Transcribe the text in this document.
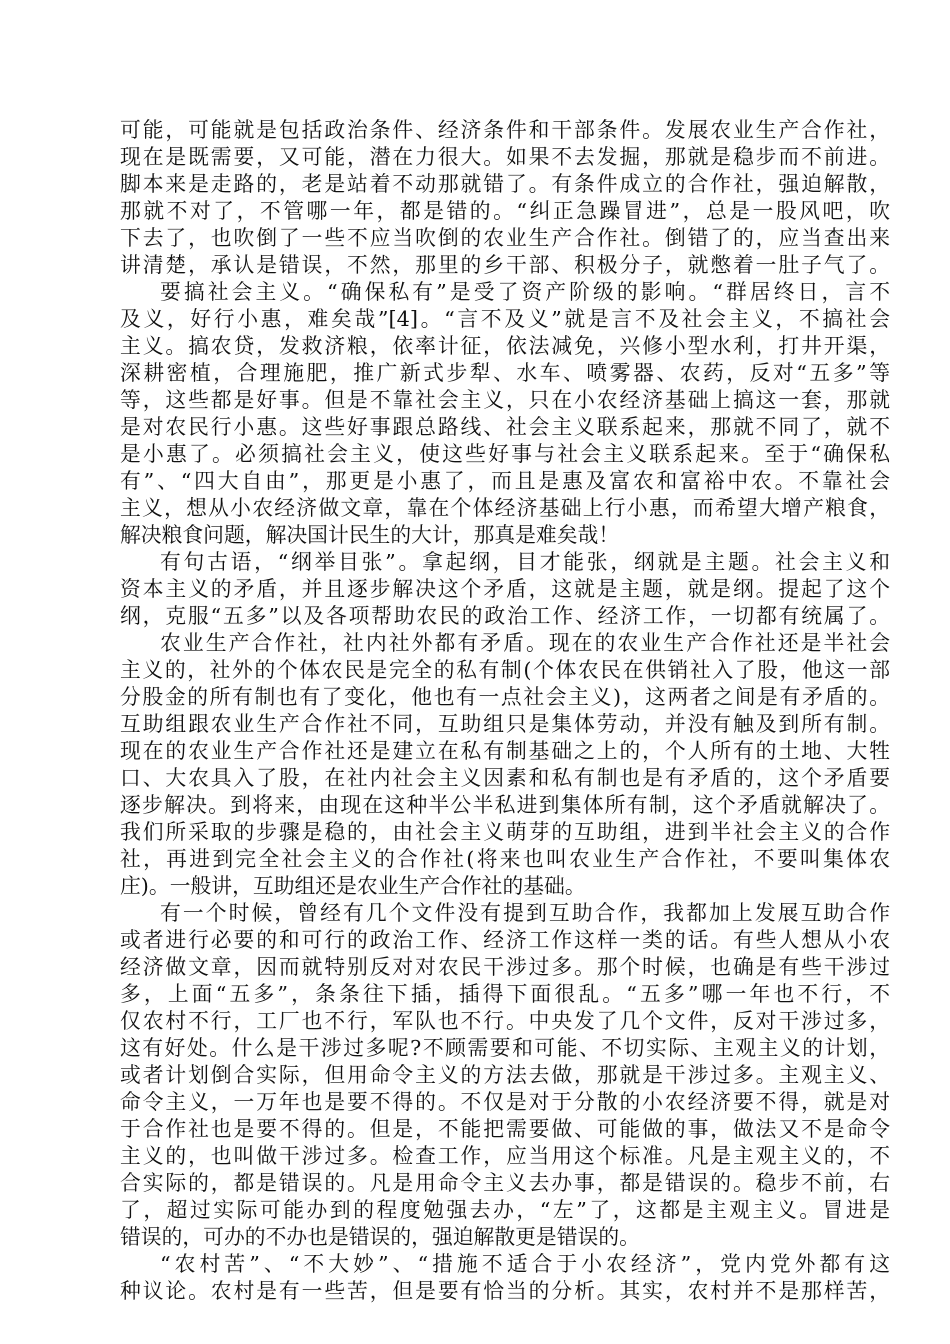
可能，可能就是包括政治条件、经济条件和干部条件。发展农业生产合作社，
现在是既需要，又可能，潜在力很大。如果不去发掘，那就是稳步而不前进。
脚本来是走路的，老是站着不动那就错了。有条件成立的合作社，强迫解散，
那就不对了，不管哪一年，都是错的。“纠正急躁冒进”，总是一股风吧，吹
下去了，也吹倒了一些不应当吹倒的农业生产合作社。倒错了的，应当查出来
讲清楚，承认是错误，不然，那里的乡干部、积极分子，就憋着一肚子气了。
要搞社会主义。“确保私有”是受了资产阶级的影响。“群居终日，言不
及义，好行小惠，难矣哉”[4]。“言不及义”就是言不及社会主义，不搞社会
主义。搞农贷，发救济粮，依率计征，依法减免，兴修小型水利，打井开渠，
深耕密植，合理施肥，推广新式步犁、水车、喷雾器、农药，反对“五多”等
等，这些都是好事。但是不靠社会主义，只在小农经济基础上搞这一套，那就
是对农民行小惠。这些好事跟总路线、社会主义联系起来，那就不同了，就不
是小惠了。必须搞社会主义，使这些好事与社会主义联系起来。至于“确保私
有”、“四大自由”，那更是小惠了，而且是惠及富农和富裕中农。不靠社会
主义，想从小农经济做文章，靠在个体经济基础上行小惠，而希望大增产粮食，
解决粮食问题，解决国计民生的大计，那真是难矣哉！
有句古语，“纲举目张”。拿起纲，目才能张，纲就是主题。社会主义和
资本主义的矛盾，并且逐步解决这个矛盾，这就是主题，就是纲。提起了这个
纲，克服“五多”以及各项帮助农民的政治工作、经济工作，一切都有统属了。
农业生产合作社，社内社外都有矛盾。现在的农业生产合作社还是半社会
主义的，社外的个体农民是完全的私有制(个体农民在供销社入了股，他这一部
分股金的所有制也有了变化，他也有一点社会主义)，这两者之间是有矛盾的。
互助组跟农业生产合作社不同，互助组只是集体劳动，并没有触及到所有制。
现在的农业生产合作社还是建立在私有制基础之上的，个人所有的土地、大牲
口、大农具入了股，在社内社会主义因素和私有制也是有矛盾的，这个矛盾要
逐步解决。到将来，由现在这种半公半私进到集体所有制，这个矛盾就解决了。
我们所采取的步骤是稳的，由社会主义萌芽的互助组，进到半社会主义的合作
社，再进到完全社会主义的合作社(将来也叫农业生产合作社，不要叫集体农
庄)。一般讲，互助组还是农业生产合作社的基础。
有一个时候，曾经有几个文件没有提到互助合作，我都加上发展互助合作
或者进行必要的和可行的政治工作、经济工作这样一类的话。有些人想从小农
经济做文章，因而就特别反对对农民干涉过多。那个时候，也确是有些干涉过
多，上面“五多”，条条往下插，插得下面很乱。“五多”哪一年也不行，不
仅农村不行，工厂也不行，军队也不行。中央发了几个文件，反对干涉过多，
这有好处。什么是干涉过多呢?不顾需要和可能、不切实际、主观主义的计划，
或者计划倒合实际，但用命令主义的方法去做，那就是干涉过多。主观主义、
命令主义，一万年也是要不得的。不仅是对于分散的小农经济要不得，就是对
于合作社也是要不得的。但是，不能把需要做、可能做的事，做法又不是命令
主义的，也叫做干涉过多。检查工作，应当用这个标准。凡是主观主义的，不
合实际的，都是错误的。凡是用命令主义去办事，都是错误的。稳步不前，右
了，超过实际可能办到的程度勉强去办，“左”了，这都是主观主义。冒进是
错误的，可办的不办也是错误的，强迫解散更是错误的。
“农村苦”、“不大妙”、“措施不适合于小农经济”，党内党外都有这
种议论。农村是有一些苦，但是要有恰当的分析。其实，农村并不是那样苦，
